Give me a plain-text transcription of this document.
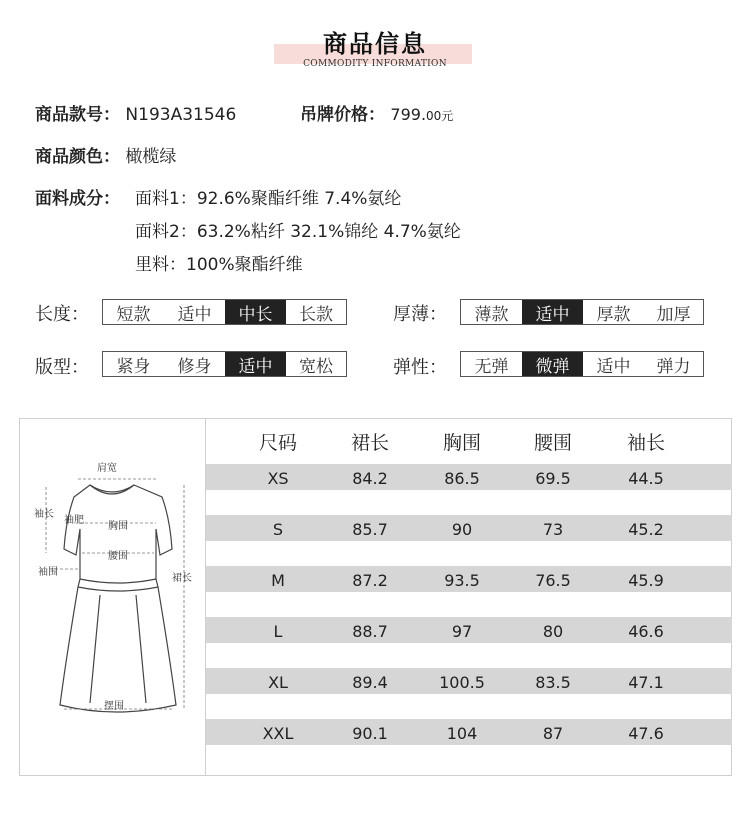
商品信息
COMMODITY INFORMATION
商品款号： N193A31546	吊牌价格： 799.00元
商品颜色： 橄榄绿
面料成分： 面料1：92.6%聚酯纤维 7.4%氨纶
面料2：63.2%粘纤 32.1%锦纶 4.7%氨纶
里料：100%聚酯纤维
长度：	短款	适中	中长	长款	厚薄：	薄款	适中	厚款	加厚
版型：	紧身	修身	适中	宽松	弹性：	无弹	微弹	适中	弹力
肩宽
袖长
袖肥
胸围
腰围
袖围
裙长
摆围
尺码	裙长	胸围	腰围	袖长
XS	84.2	86.5	69.5	44.5
S	85.7	90	73	45.2
M	87.2	93.5	76.5	45.9
L	88.7	97	80	46.6
XL	89.4	100.5	83.5	47.1
XXL	90.1	104	87	47.6
